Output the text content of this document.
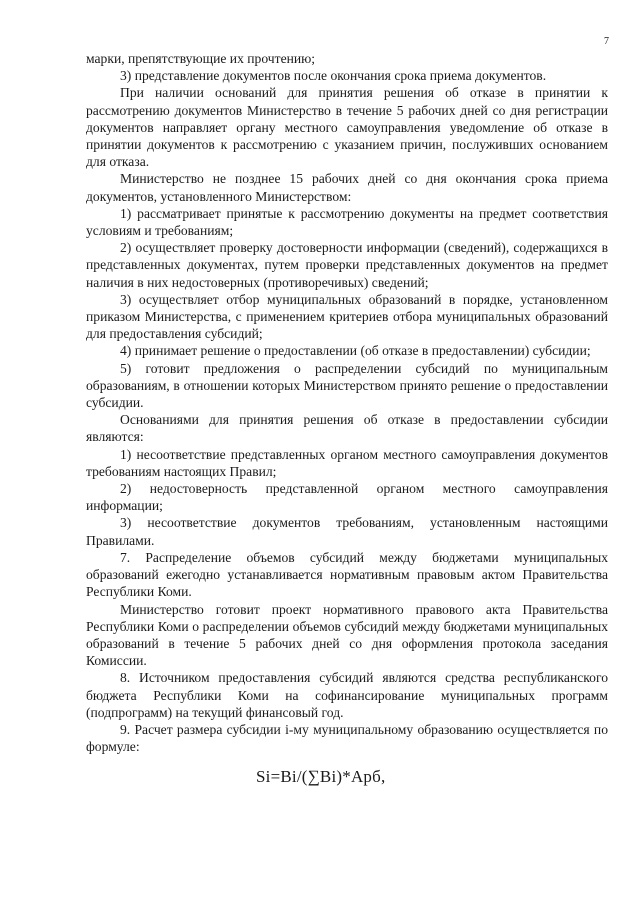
7

марки, препятствующие их прочтению;

3) представление документов после окончания срока приема документов.

При наличии оснований для принятия решения об отказе в принятии к рассмотрению документов Министерство в течение 5 рабочих дней со дня регистрации документов направляет органу местного самоуправления уведомление об отказе в принятии документов к рассмотрению с указанием причин, послуживших основанием для отказа.

Министерство не позднее 15 рабочих дней со дня окончания срока приема документов, установленного Министерством:

1) рассматривает принятые к рассмотрению документы на предмет соответствия условиям и требованиям;

2) осуществляет проверку достоверности информации (сведений), содержащихся в представленных документах, путем проверки представленных документов на предмет наличия в них недостоверных (противоречивых) сведений;

3) осуществляет отбор муниципальных образований в порядке, установленном приказом Министерства, с применением критериев отбора муниципальных образований для предоставления субсидий;

4) принимает решение о предоставлении (об отказе в предоставлении) субсидии;

5) готовит предложения о распределении субсидий по муниципальным образованиям, в отношении которых Министерством принято решение о предоставлении субсидии.

Основаниями для принятия решения об отказе в предоставлении субсидии являются:

1) несоответствие представленных органом местного самоуправления документов требованиям настоящих Правил;

2) недостоверность представленной органом местного самоуправления информации;

3) несоответствие документов требованиям, установленным настоящими Правилами.

7. Распределение объемов субсидий между бюджетами муниципальных образований ежегодно устанавливается нормативным правовым актом Правительства Республики Коми.

Министерство готовит проект нормативного правового акта Правительства Республики Коми о распределении объемов субсидий между бюджетами муниципальных образований в течение 5 рабочих дней со дня оформления протокола заседания Комиссии.

8. Источником предоставления субсидий являются средства республиканского бюджета Республики Коми на софинансирование муниципальных программ (подпрограмм) на текущий финансовый год.

9. Расчет размера субсидии i-му муниципальному образованию осуществляется по формуле:

Si=Bi/(∑Bi)*Арб,
